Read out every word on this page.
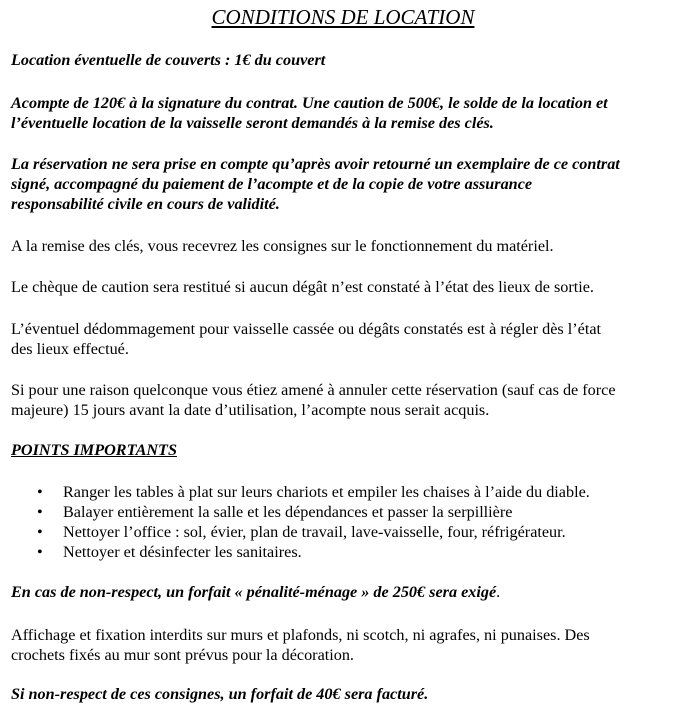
CONDITIONS DE LOCATION
Location éventuelle de couverts : 1€ du couvert
Acompte de 120€ à la signature du contrat. Une caution de 500€, le solde de la location et
l’éventuelle location de la vaisselle seront demandés à la remise des clés.
La réservation ne sera prise en compte qu’après avoir retourné un exemplaire de ce contrat
signé, accompagné du paiement de l’acompte et de la copie de votre assurance
responsabilité civile en cours de validité.
A la remise des clés, vous recevrez les consignes sur le fonctionnement du matériel.
Le chèque de caution sera restitué si aucun dégât n’est constaté à l’état des lieux de sortie.
L’éventuel dédommagement pour vaisselle cassée ou dégâts constatés est à régler dès l’état
des lieux effectué.
Si pour une raison quelconque vous étiez amené à annuler cette réservation (sauf cas de force
majeure) 15 jours avant la date d’utilisation, l’acompte nous serait acquis.
POINTS IMPORTANTS
• Ranger les tables à plat sur leurs chariots et empiler les chaises à l’aide du diable.
• Balayer entièrement la salle et les dépendances et passer la serpillière
• Nettoyer l’office : sol, évier, plan de travail, lave-vaisselle, four, réfrigérateur.
• Nettoyer et désinfecter les sanitaires.
En cas de non-respect, un forfait « pénalité-ménage » de 250€ sera exigé.
Affichage et fixation interdits sur murs et plafonds, ni scotch, ni agrafes, ni punaises. Des
crochets fixés au mur sont prévus pour la décoration.
Si non-respect de ces consignes, un forfait de 40€ sera facturé.
